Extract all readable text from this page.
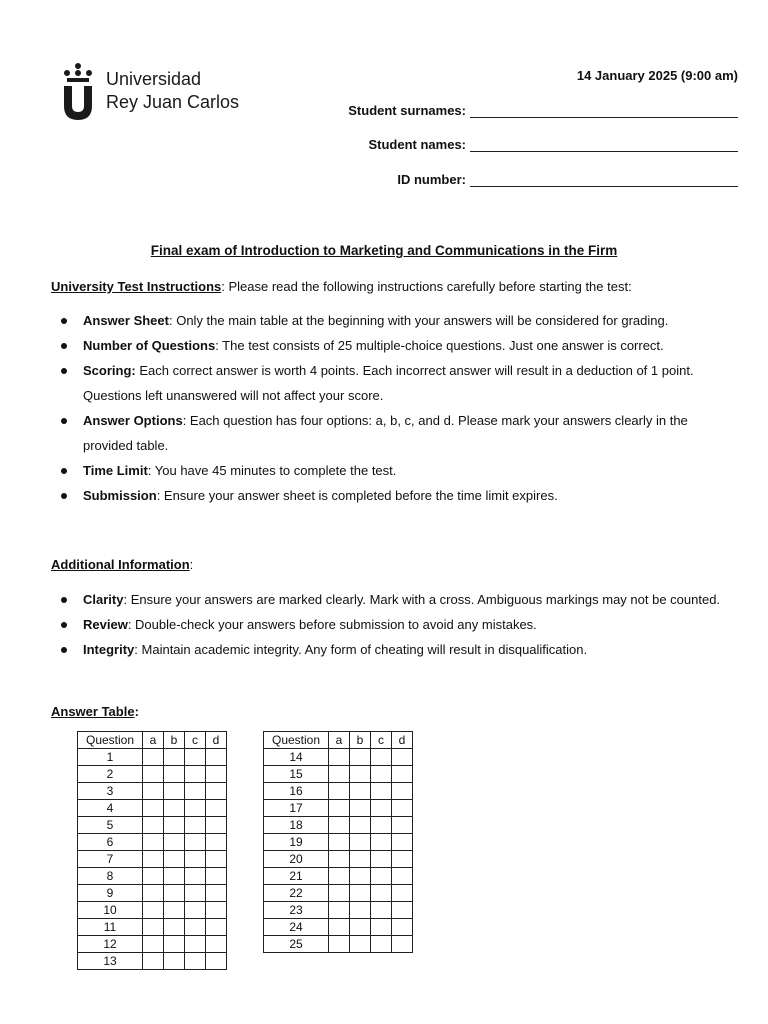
Universidad
Rey Juan Carlos
14 January 2025 (9:00 am)
Student surnames:
Student names:
ID number:
Final exam of Introduction to Marketing and Communications in the Firm
University Test Instructions: Please read the following instructions carefully before starting the test:
Answer Sheet: Only the main table at the beginning with your answers will be considered for grading.
Number of Questions: The test consists of 25 multiple-choice questions. Just one answer is correct.
Scoring: Each correct answer is worth 4 points. Each incorrect answer will result in a deduction of 1 point. Questions left unanswered will not affect your score.
Answer Options: Each question has four options: a, b, c, and d. Please mark your answers clearly in the provided table.
Time Limit: You have 45 minutes to complete the test.
Submission: Ensure your answer sheet is completed before the time limit expires.
Additional Information:
Clarity: Ensure your answers are marked clearly. Mark with a cross. Ambiguous markings may not be counted.
Review: Double-check your answers before submission to avoid any mistakes.
Integrity: Maintain academic integrity. Any form of cheating will result in disqualification.
Answer Table:
Question	a	b	c	d
1				
2				
3				
4				
5				
6				
7				
8				
9				
10				
11				
12				
13				
Question	a	b	c	d
14				
15				
16				
17				
18				
19				
20				
21				
22				
23				
24				
25				
